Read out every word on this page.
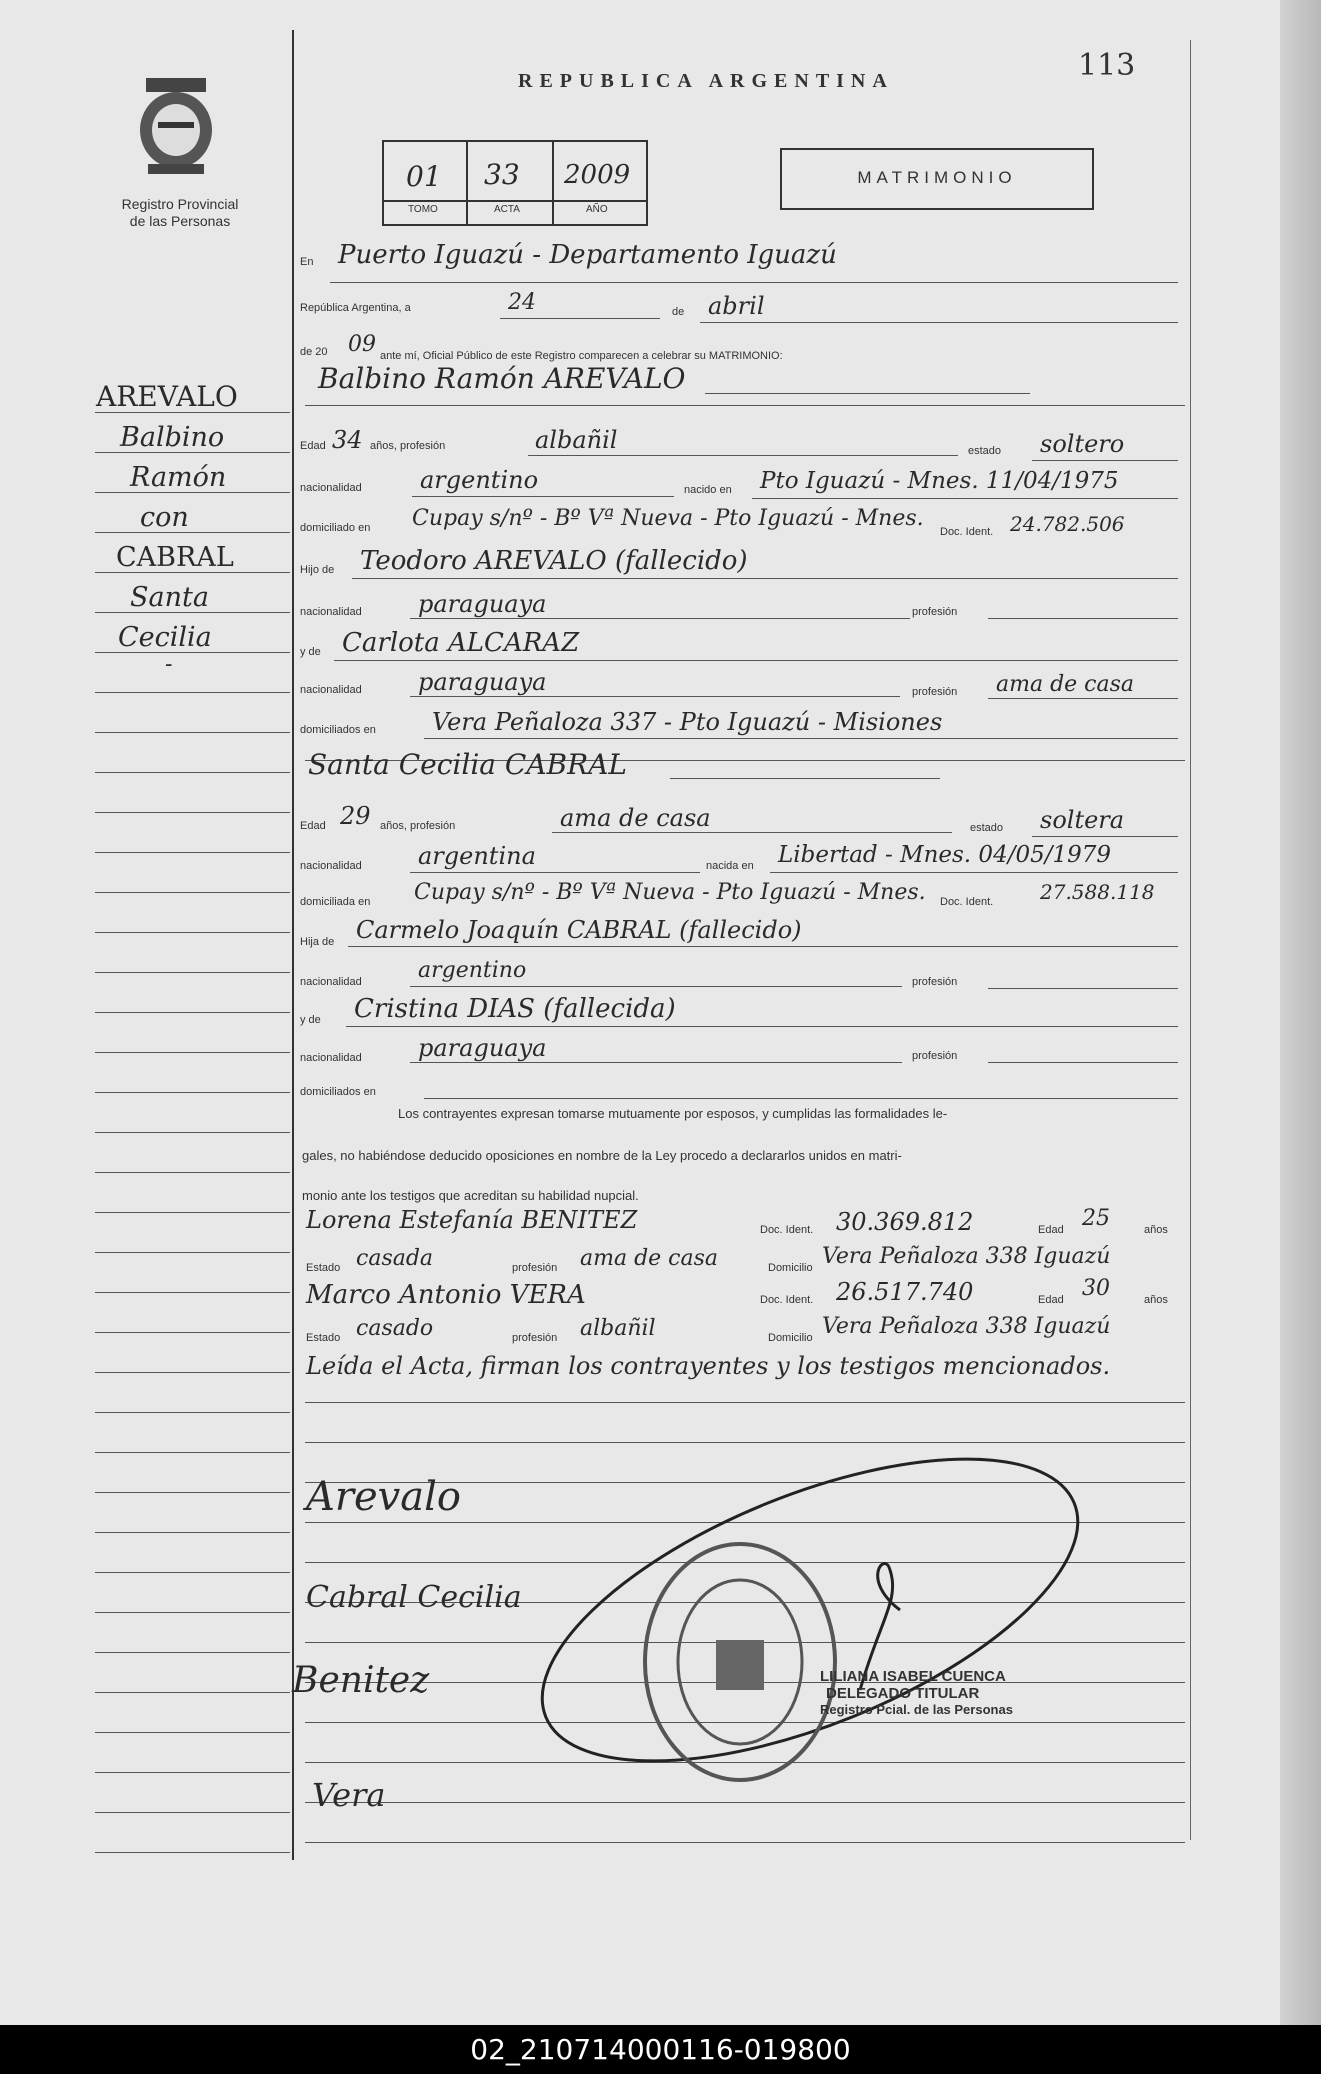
Registro Provincial
de las Personas
REPUBLICA ARGENTINA	113
01 33 2009
TOMO	ACTA	AÑO
MATRIMONIO
AREVALO
Balbino
Ramón
con
CABRAL
Santa
Cecilia
-
En Puerto Iguazú - Departamento Iguazú
República Argentina, a	24	de abril
de 20 09 ante mí, Oficial Público de este Registro comparecen a celebrar su MATRIMONIO:
Balbino Ramón AREVALO
Edad 34 años, profesión	albañil	estado soltero
nacionalidad argentino	nacido en Pto Iguazú - Mnes. 11/04/1975
domiciliado en Cupay s/nº - Bº Vª Nueva - Pto Iguazú - Mnes.
Doc. Ident. 24.782.506
Hijo de Teodoro AREVALO (fallecido)
nacionalidad paraguaya	profesión
y de Carlota ALCARAZ
nacionalidad paraguaya	profesión ama de casa
domiciliados en Vera Peñaloza 337 - Pto Iguazú - Misiones
Santa Cecilia CABRAL
Edad 29 años, profesión	ama de casa	estado soltera
nacionalidad argentina	nacida en Libertad - Mnes. 04/05/1979
domiciliada en Cupay s/nº - Bº Vª Nueva - Pto Iguazú - Mnes. Doc. Ident. 27.588.118
Hija de Carmelo Joaquín CABRAL (fallecido)
nacionalidad	argentino	profesión
y de Cristina DIAS (fallecida)
nacionalidad paraguaya	profesión
domiciliados en
Los contrayentes expresan tomarse mutuamente por esposos, y cumplidas las formalidades le-
gales, no habiéndose deducido oposiciones en nombre de la Ley procedo a declararlos unidos en matri-
monio ante los testigos que acreditan su habilidad nupcial.
Lorena Estefanía BENITEZ	Doc. Ident. 30.369.812	Edad 25	años
Estado casada	profesión ama de casa	Domicilio Vera Peñaloza 338 Iguazú
Marco Antonio VERA	Doc. Ident. 26.517.740	Edad 30	años
Estado casado	profesión albañil	Domicilio Vera Peñaloza 338 Iguazú
Leída el Acta, firman los contrayentes y los testigos mencionados.
Arevalo
Cabral Cecilia
Benitez
Vera
LILIANA ISABEL CUENCA
DELEGADO TITULAR
Registro Pcial. de las Personas
02_210714000116-019800
